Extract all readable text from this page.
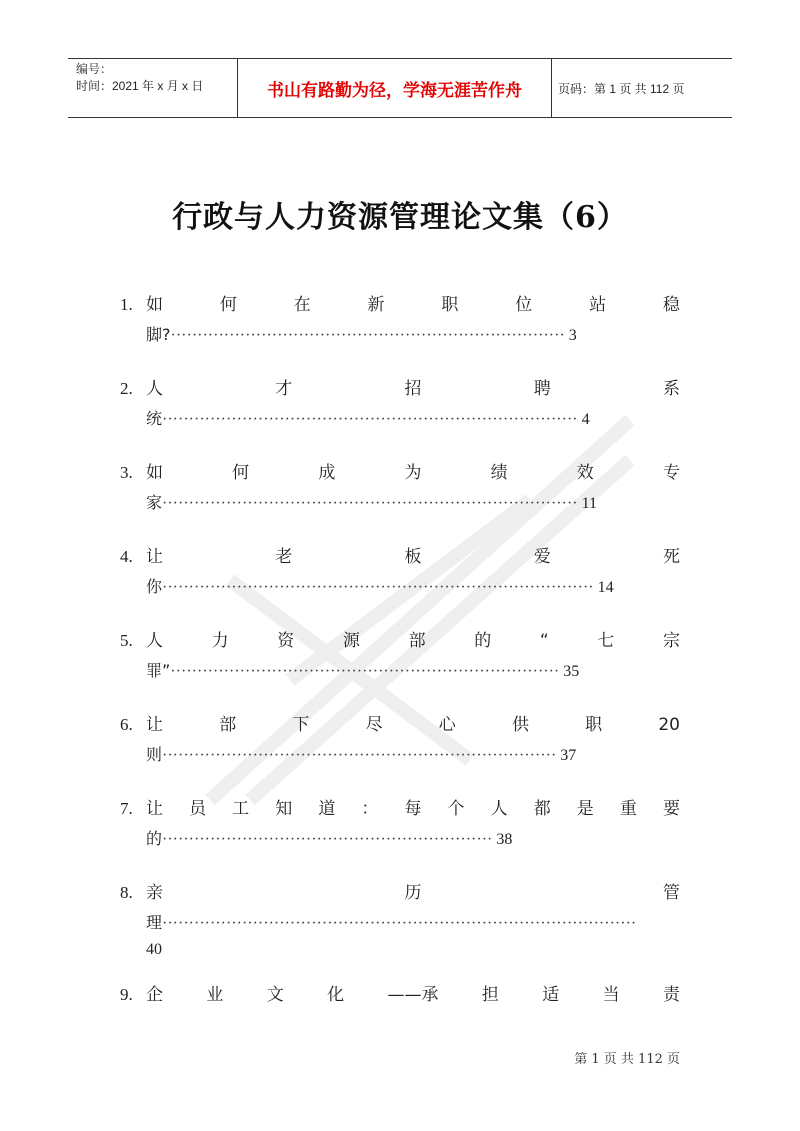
编号：
时间：2021 年 x 月 x 日	书山有路勤为径，学海无涯苦作舟	页码：第 1 页 共 112 页
行政与人力资源管理论文集（6）
1. 如	何	在	新	职	位	站	稳
脚?·········································································· 3
2. 人	才	招	聘	系
统·············································································· 4
3. 如	何	成	为	绩	效	专
家·············································································· 11
4. 让	老	板	爱	死
你················································································· 14
5. 人	力	资	源	部	的	“	七	宗
罪”········································································· 35
6. 让	部	下	尽	心	供	职	20
则·········································································· 37
7. 让 员 工 知 道 ： 每 个 人 都 是 重 要
的······························································ 38
8. 亲	历	管
理·························································································
40
9. 企	业	文	化	——承	担	适	当	责
第 1 页 共 112 页
